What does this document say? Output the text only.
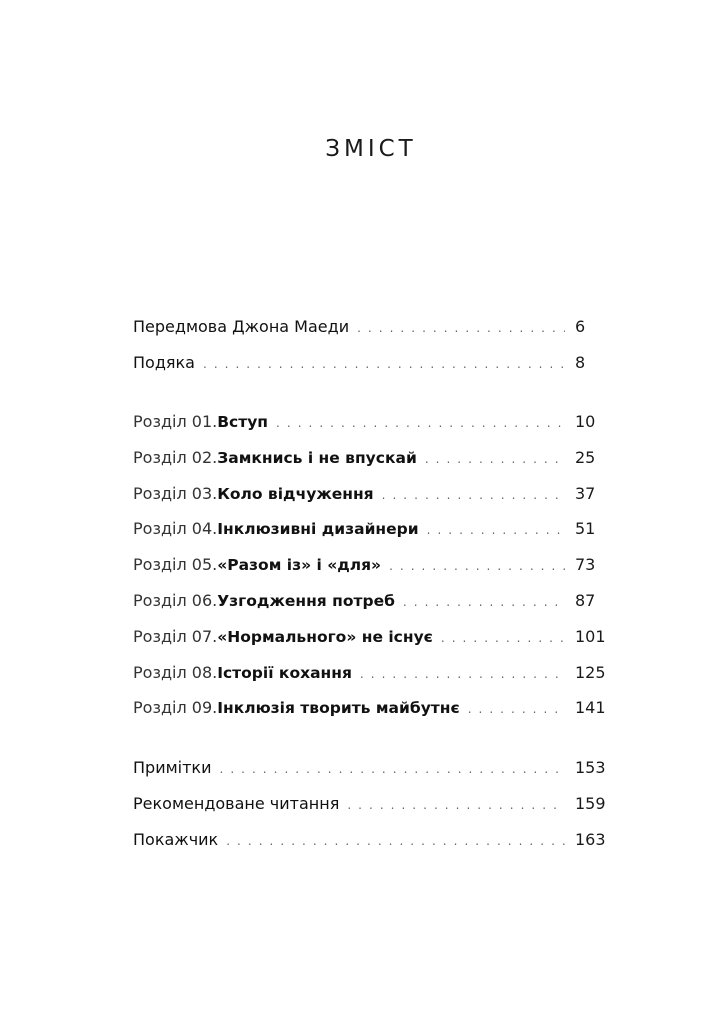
ЗМІСТ
Передмова Джона Маеди . . .	6
Подяка . . .	8
Розділ 01. Вступ . . .	10
Розділ 02. Замкнись і не впускай . . .	25
Розділ 03. Коло відчуження . . .	37
Розділ 04. Інклюзивні дизайнери . . .	51
Розділ 05. «Разом із» і «для» . . .	73
Розділ 06. Узгодження потреб . . .	87
Розділ 07. «Нормального» не існує . . .	101
Розділ 08. Історії кохання . . .	125
Розділ 09. Інклюзія творить майбутнє . . .	141
Примітки . . .	153
Рекомендоване читання . . .	159
Покажчик . . .	163
